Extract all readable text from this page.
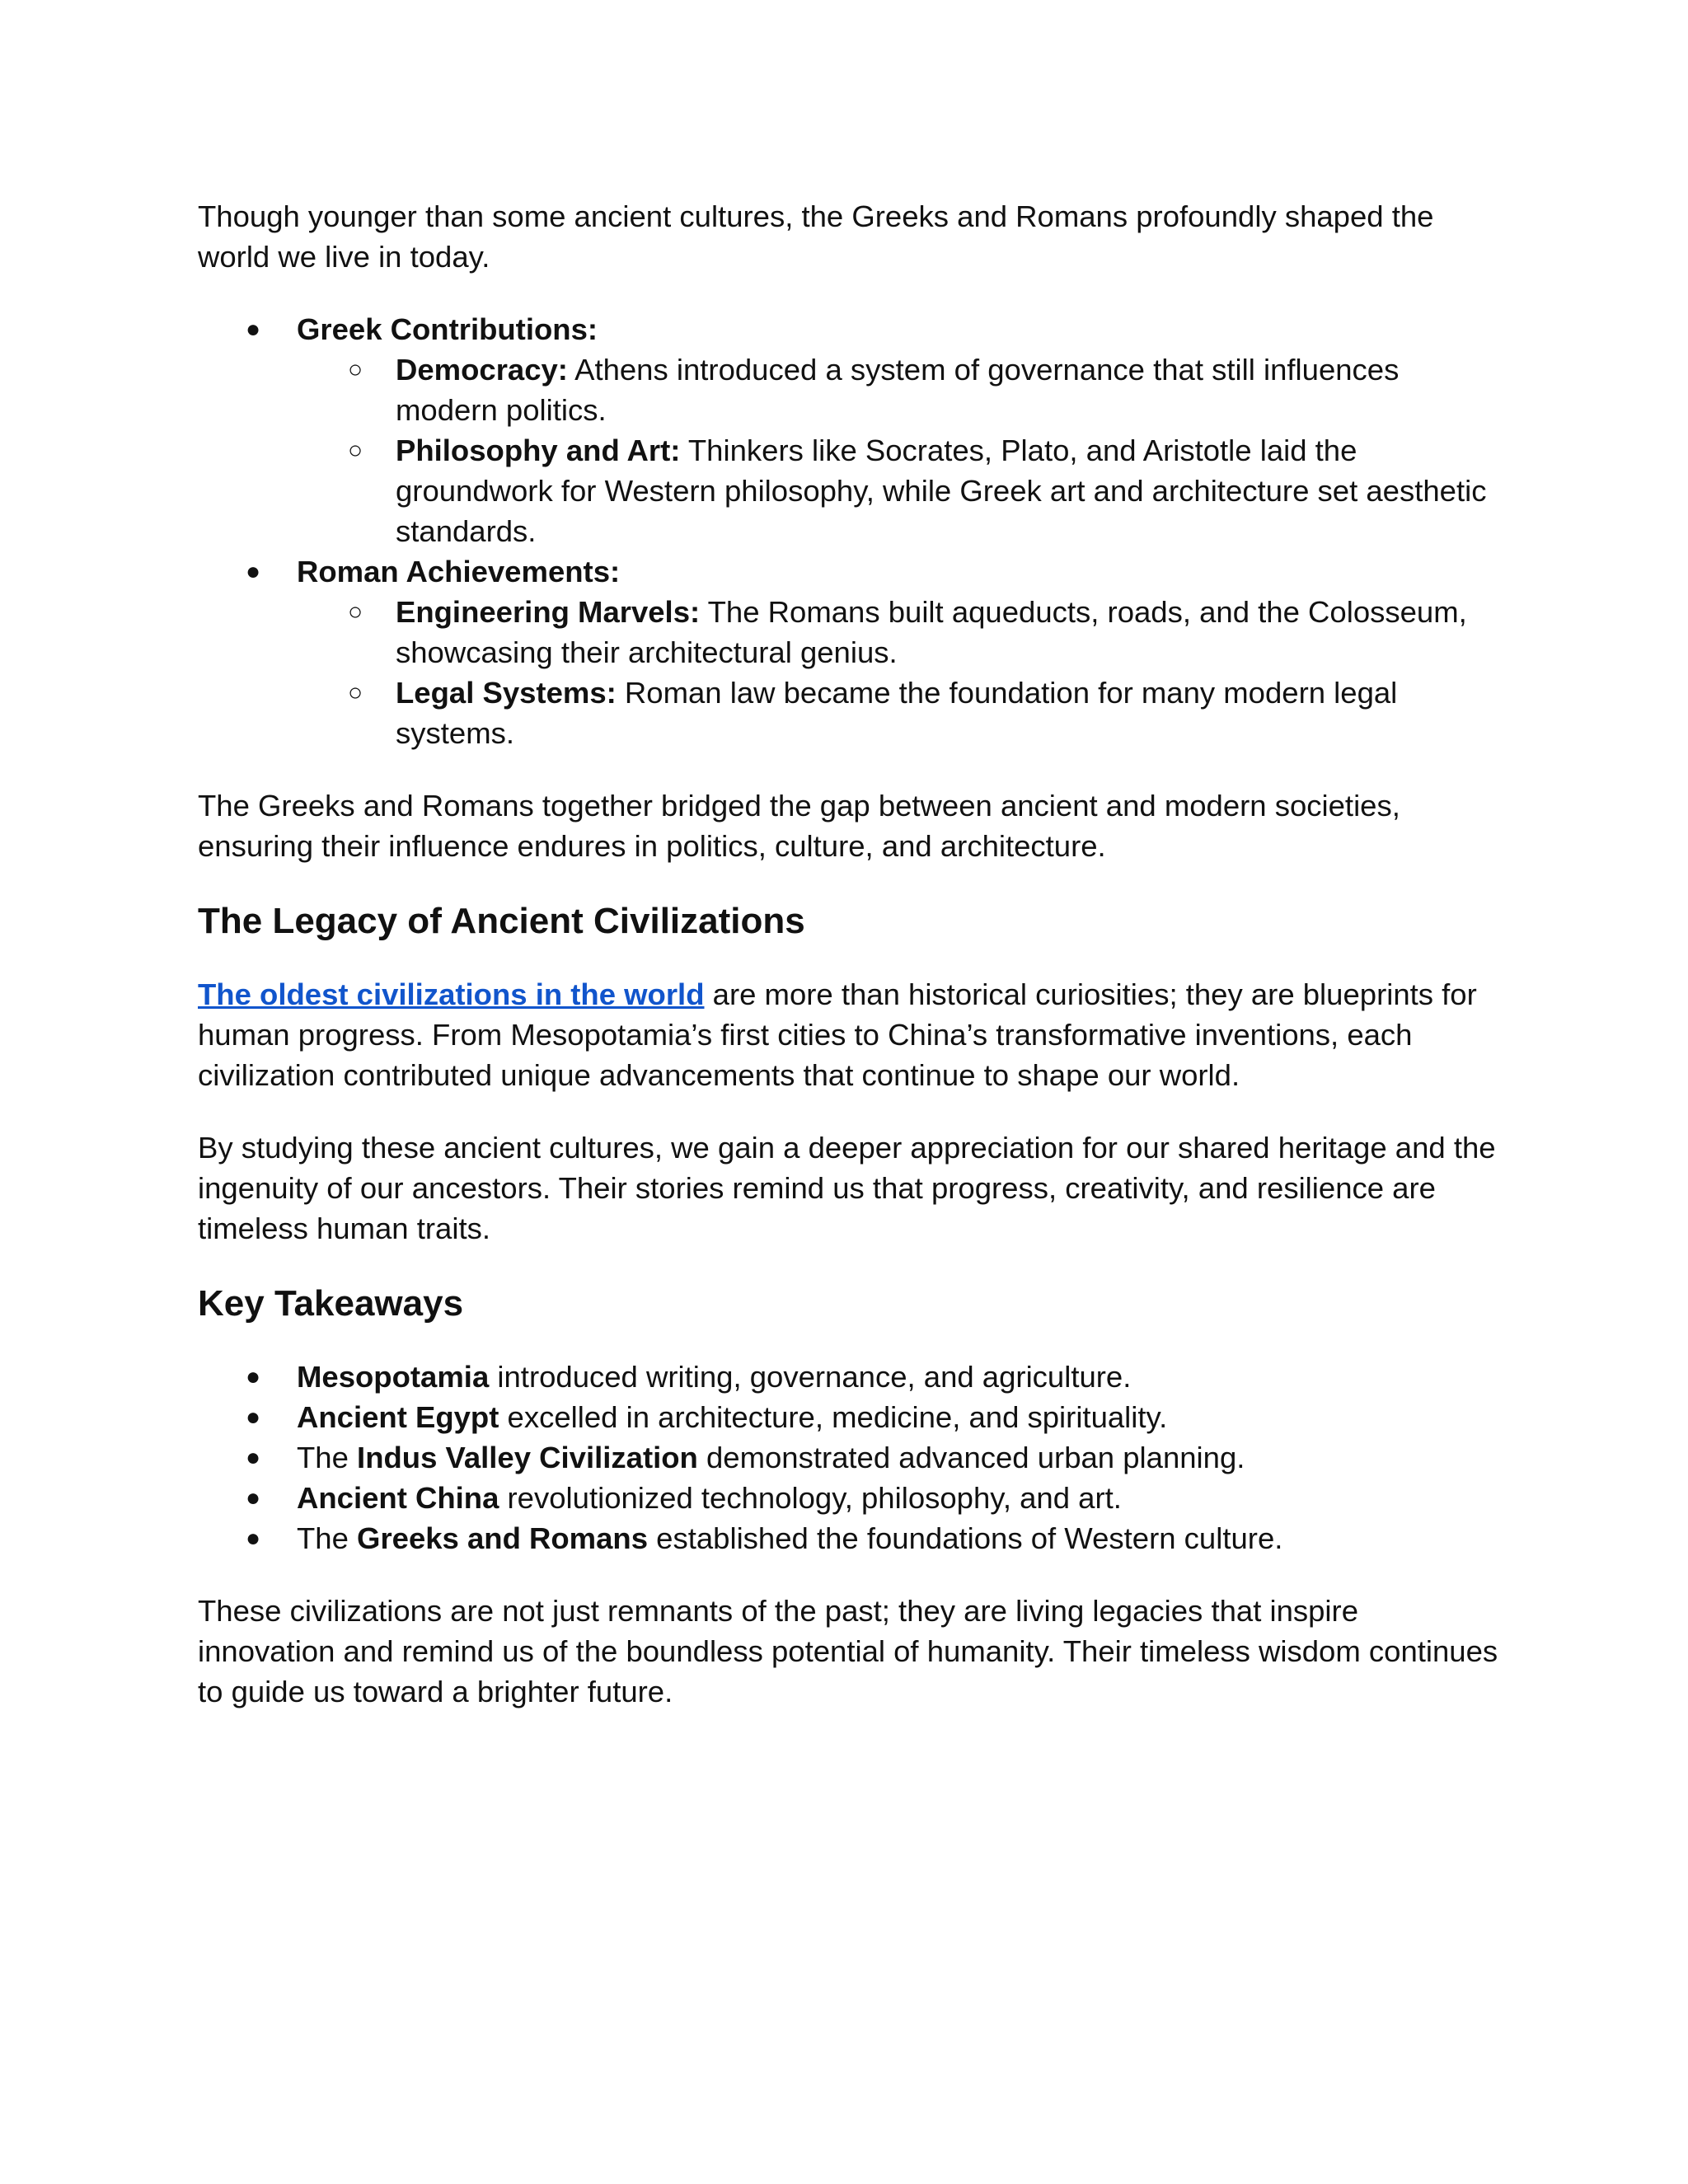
Though younger than some ancient cultures, the Greeks and Romans profoundly shaped the world we live in today.

● Greek Contributions:
○ Democracy: Athens introduced a system of governance that still influences modern politics.
○ Philosophy and Art: Thinkers like Socrates, Plato, and Aristotle laid the groundwork for Western philosophy, while Greek art and architecture set aesthetic standards.
● Roman Achievements:
○ Engineering Marvels: The Romans built aqueducts, roads, and the Colosseum, showcasing their architectural genius.
○ Legal Systems: Roman law became the foundation for many modern legal systems.

The Greeks and Romans together bridged the gap between ancient and modern societies, ensuring their influence endures in politics, culture, and architecture.

The Legacy of Ancient Civilizations

The oldest civilizations in the world are more than historical curiosities; they are blueprints for human progress. From Mesopotamia’s first cities to China’s transformative inventions, each civilization contributed unique advancements that continue to shape our world.

By studying these ancient cultures, we gain a deeper appreciation for our shared heritage and the ingenuity of our ancestors. Their stories remind us that progress, creativity, and resilience are timeless human traits.

Key Takeaways
● Mesopotamia introduced writing, governance, and agriculture.
● Ancient Egypt excelled in architecture, medicine, and spirituality.
● The Indus Valley Civilization demonstrated advanced urban planning.
● Ancient China revolutionized technology, philosophy, and art.
● The Greeks and Romans established the foundations of Western culture.

These civilizations are not just remnants of the past; they are living legacies that inspire innovation and remind us of the boundless potential of humanity. Their timeless wisdom continues to guide us toward a brighter future.
